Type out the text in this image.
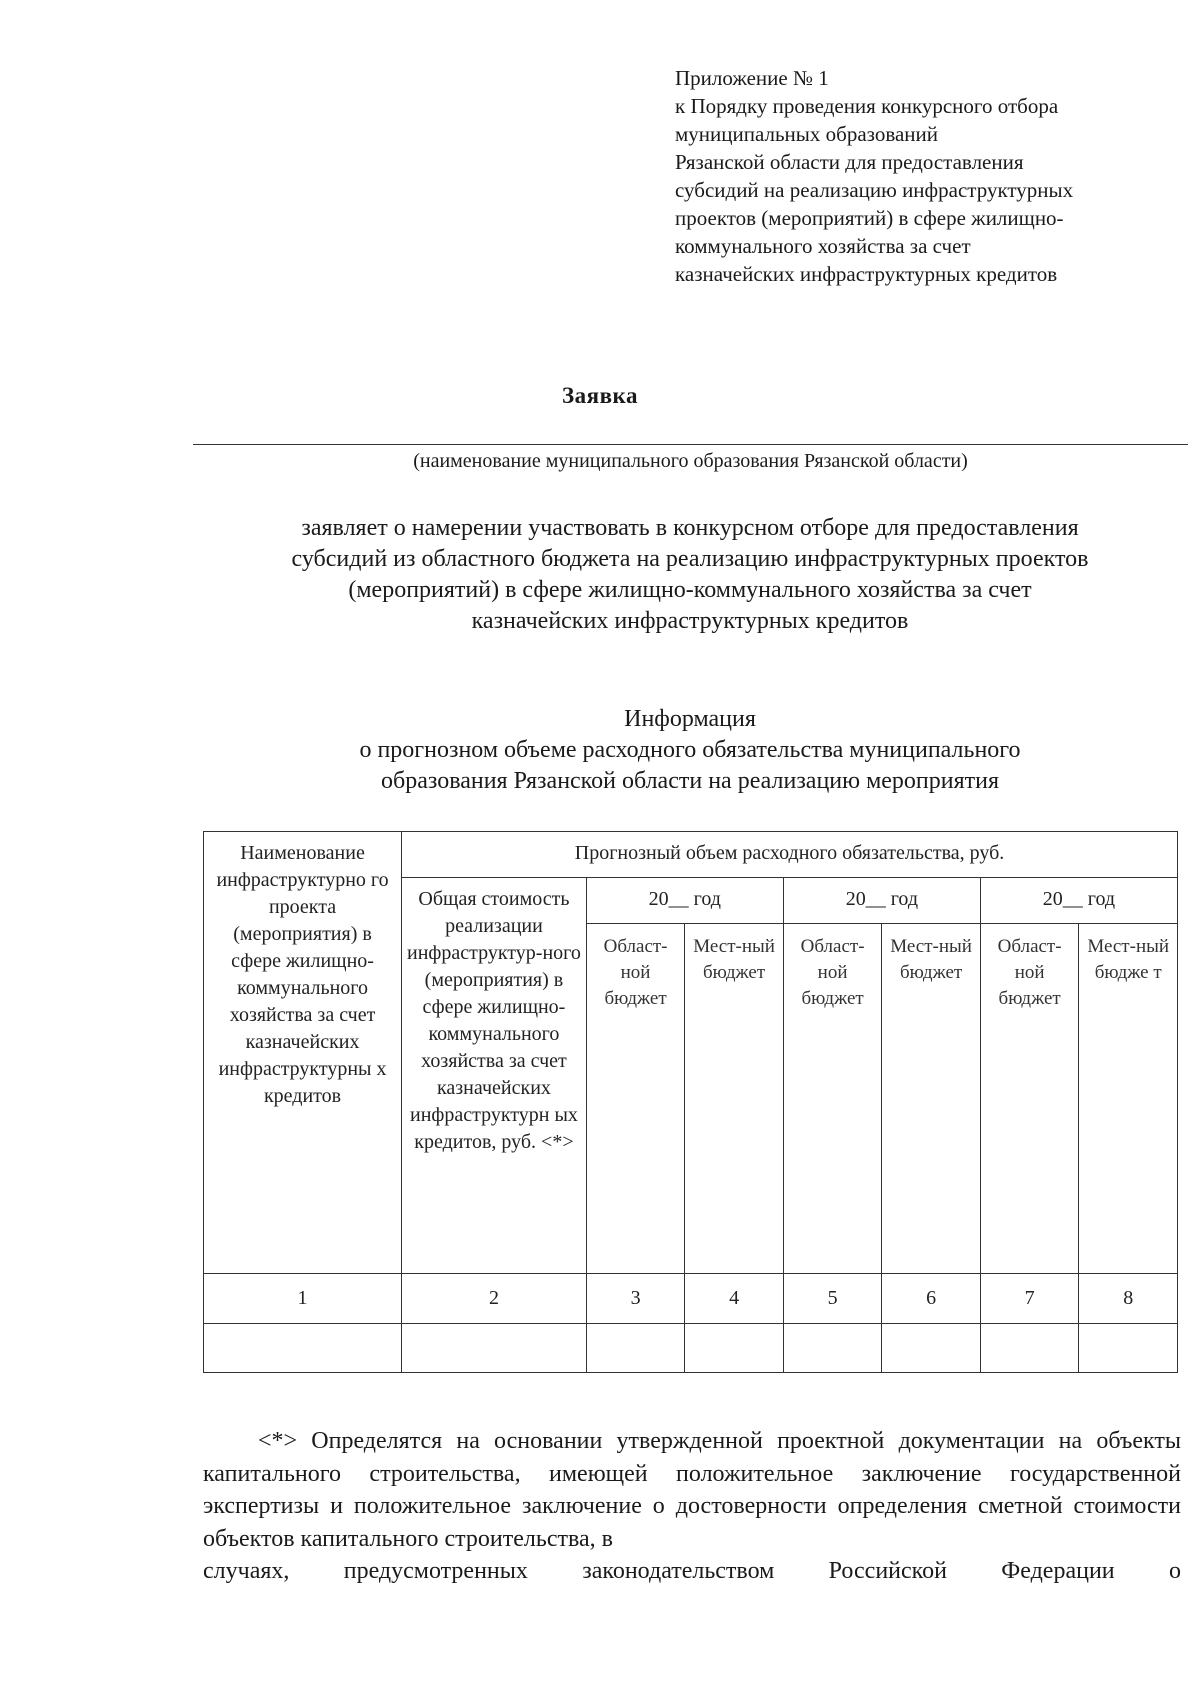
Приложение № 1
к Порядку проведения конкурсного отбора
муниципальных образований
Рязанской области для предоставления
субсидий на реализацию инфраструктурных
проектов (мероприятий) в сфере жилищно-
коммунального хозяйства за счет
казначейских инфраструктурных кредитов
Заявка
(наименование муниципального образования Рязанской области)
заявляет о намерении участвовать в конкурсном отборе для предоставления
субсидий из областного бюджета на реализацию инфраструктурных проектов
(мероприятий) в сфере жилищно-коммунального хозяйства за счет
казначейских инфраструктурных кредитов
Информация
о прогнозном объеме расходного обязательства муниципального
образования Рязанской области на реализацию мероприятия
Наименование инфраструктурно го проекта (мероприятия) в сфере жилищно-коммунального хозяйства за счет казначейских инфраструктурны х кредитов	Прогнозный объем расходного обязательства, руб.						
	Общая стоимость реализации инфраструктур-ного (мероприятия) в сфере жилищно-коммунального хозяйства за счет казначейских инфраструктурн ых кредитов, руб. <*>	20__ год		20__ год		20__ год	
		Област-ной бюджет	Мест-ный бюджет	Област-ной бюджет	Мест-ный бюджет	Област-ной бюджет	Мест-ный бюдже т
1	2	3	4	5	6	7	8

<*> Определятся на основании утвержденной проектной документации на объекты капитального строительства, имеющей положительное заключение государственной экспертизы и положительное заключение о достоверности определения сметной стоимости объектов капитального строительства, в

случаях, предусмотренных законодательством Российской Федерации о
